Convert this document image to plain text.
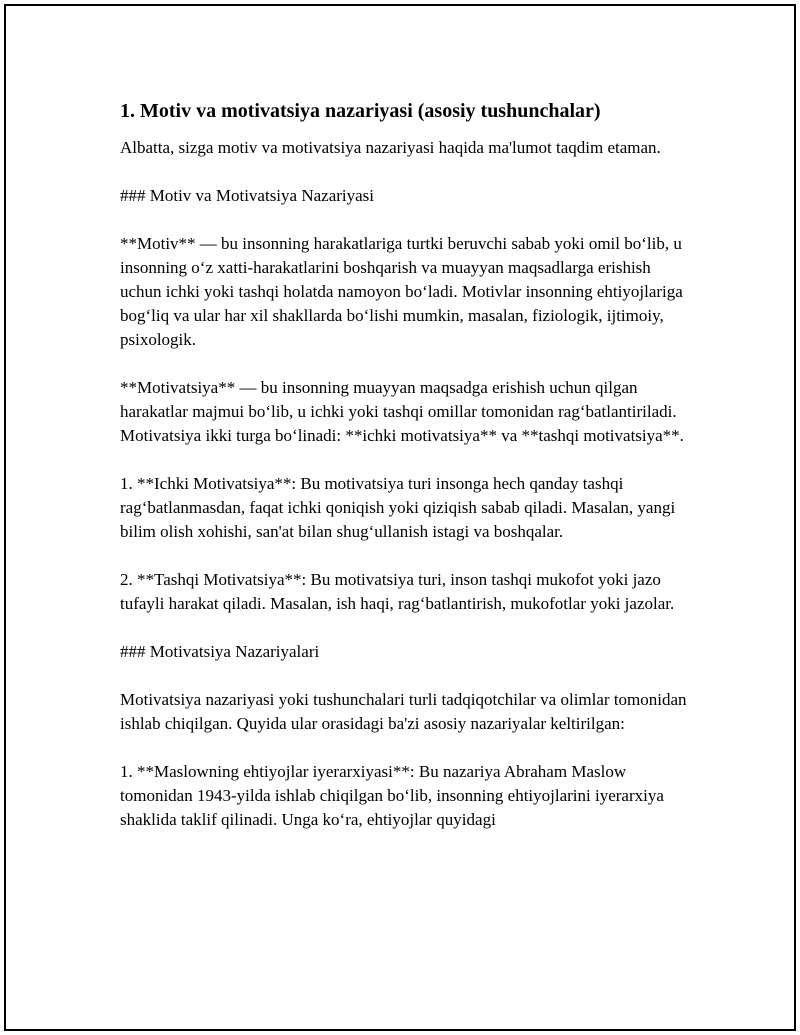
1. Motiv va motivatsiya nazariyasi (asosiy tushunchalar)

Albatta, sizga motiv va motivatsiya nazariyasi haqida ma'lumot taqdim etaman.

### Motiv va Motivatsiya Nazariyasi

**Motiv** — bu insonning harakatlariga turtki beruvchi sabab yoki omil bo‘lib, u insonning o‘z xatti-harakatlarini boshqarish va muayyan maqsadlarga erishish uchun ichki yoki tashqi holatda namoyon bo‘ladi. Motivlar insonning ehtiyojlariga bog‘liq va ular har xil shakllarda bo‘lishi mumkin, masalan, fiziologik, ijtimoiy, psixologik.

**Motivatsiya** — bu insonning muayyan maqsadga erishish uchun qilgan harakatlar majmui bo‘lib, u ichki yoki tashqi omillar tomonidan rag‘batlantiriladi. Motivatsiya ikki turga bo‘linadi: **ichki motivatsiya** va **tashqi motivatsiya**.

1. **Ichki Motivatsiya**: Bu motivatsiya turi insonga hech qanday tashqi rag‘batlanmasdan, faqat ichki qoniqish yoki qiziqish sabab qiladi. Masalan, yangi bilim olish xohishi, san'at bilan shug‘ullanish istagi va boshqalar.

2. **Tashqi Motivatsiya**: Bu motivatsiya turi, inson tashqi mukofot yoki jazo tufayli harakat qiladi. Masalan, ish haqi, rag‘batlantirish, mukofotlar yoki jazolar.

### Motivatsiya Nazariyalari

Motivatsiya nazariyasi yoki tushunchalari turli tadqiqotchilar va olimlar tomonidan ishlab chiqilgan. Quyida ular orasidagi ba'zi asosiy nazariyalar keltirilgan:

1. **Maslowning ehtiyojlar iyerarxiyasi**: Bu nazariya Abraham Maslow tomonidan 1943-yilda ishlab chiqilgan bo‘lib, insonning ehtiyojlarini iyerarxiya shaklida taklif qilinadi. Unga ko‘ra, ehtiyojlar quyidagi
